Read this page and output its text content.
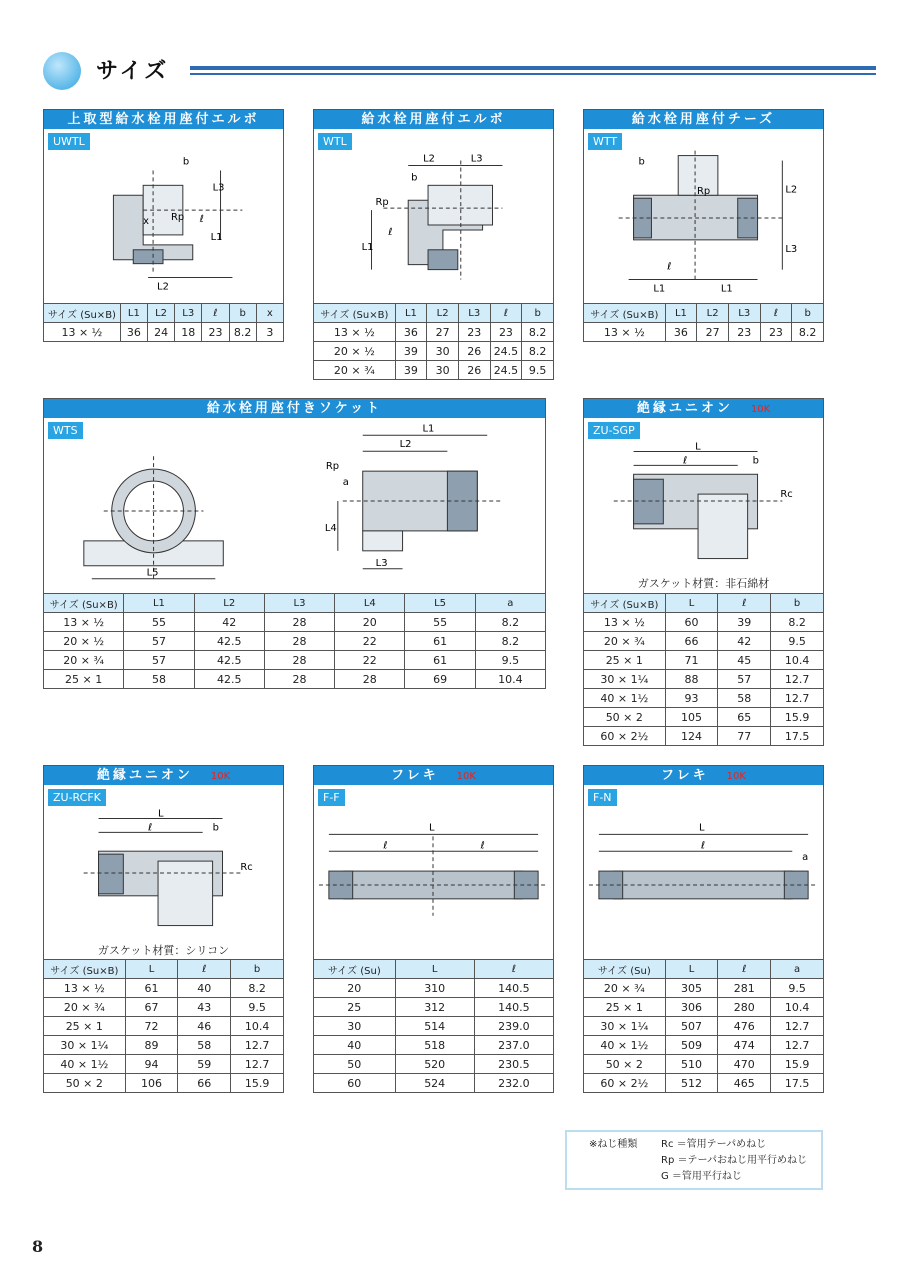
サイズ
上取型給水栓用座付エルボ
UWTL
b
L3
x Rp ℓ
L1
L2
サイズ (Su×B)	L1	L2	L3	ℓ	b	x
13 × ½	36	24	18	23	8.2	3
給水栓用座付エルボ
WTL
L2	L3
b
Rp
ℓ
L1
サイズ (Su×B)	L1	L2	L3	ℓ	b
13 × ½	36	27	23	23	8.2
20 × ½	39	30	26	24.5	8.2
20 × ¾	39	30	26	24.5	9.5
給水栓用座付チーズ
WTT
b
Rp	L2
L3
ℓ
L1	L1
サイズ (Su×B)	L1	L2	L3	ℓ	b
13 × ½	36	27	23	23	8.2
給水栓用座付きソケット
WTS	L1
L2
Rp
a
L4
L3
L5
サイズ (Su×B)	L1	L2	L3	L4	L5	a
13 × ½	55	42	28	20	55	8.2
20 × ½	57	42.5	28	22	61	8.2
20 × ¾	57	42.5	28	22	61	9.5
25 × 1	58	42.5	28	28	69	10.4
絶縁ユニオン 10K
ZU-SGP
L
ℓ	b
Rc
ガスケット材質：非石綿材
サイズ (Su×B)	L	ℓ	b
13 × ½	60	39	8.2
20 × ¾	66	42	9.5
25 × 1	71	45	10.4
30 × 1¼	88	57	12.7
40 × 1½	93	58	12.7
50 × 2	105	65	15.9
60 × 2½	124	77	17.5
絶縁ユニオン 10K
ZU-RCFK
L
ℓ	b
Rc
ガスケット材質：シリコン
サイズ (Su×B)	L	ℓ	b
13 × ½	61	40	8.2
20 × ¾	67	43	9.5
25 × 1	72	46	10.4
30 × 1¼	89	58	12.7
40 × 1½	94	59	12.7
50 × 2	106	66	15.9
フレキ 10K
F-F
L
ℓ	ℓ
サイズ (Su)	L	ℓ
20	310	140.5
25	312	140.5
30	514	239.0
40	518	237.0
50	520	230.5
60	524	232.0
フレキ 10K
F-N
L
ℓ
a
サイズ (Su)	L	ℓ	a
20 × ¾	305	281	9.5
25 × 1	306	280	10.4
30 × 1¼	507	476	12.7
40 × 1½	509	474	12.7
50 × 2	510	470	15.9
60 × 2½	512	465	17.5
※ねじ種類 Rc ＝管用テーパめねじ
Rp ＝テーパおねじ用平行めねじ
G ＝管用平行ねじ
8
